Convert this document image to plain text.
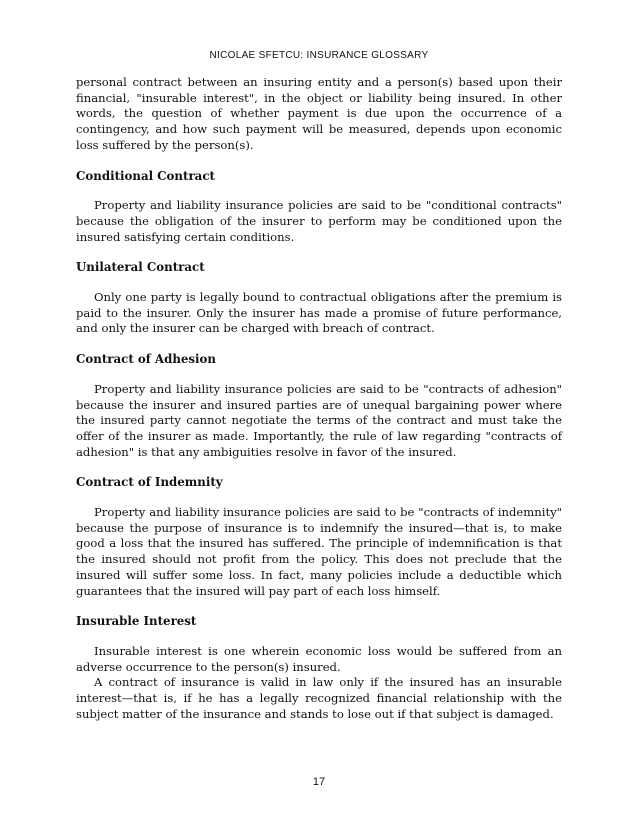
NICOLAE SFETCU: INSURANCE GLOSSARY

personal contract between an insuring entity and a person(s) based upon their financial, "insurable interest", in the object or liability being insured. In other words, the question of whether payment is due upon the occurrence of a contingency, and how such payment will be measured, depends upon economic loss suffered by the person(s).

Conditional Contract

Property and liability insurance policies are said to be "conditional contracts" because the obligation of the insurer to perform may be conditioned upon the insured satisfying certain conditions.

Unilateral Contract

Only one party is legally bound to contractual obligations after the premium is paid to the insurer. Only the insurer has made a promise of future performance, and only the insurer can be charged with breach of contract.

Contract of Adhesion

Property and liability insurance policies are said to be "contracts of adhesion" because the insurer and insured parties are of unequal bargaining power where the insured party cannot negotiate the terms of the contract and must take the offer of the insurer as made. Importantly, the rule of law regarding "contracts of adhesion" is that any ambiguities resolve in favor of the insured.

Contract of Indemnity

Property and liability insurance policies are said to be "contracts of indemnity" because the purpose of insurance is to indemnify the insured—that is, to make good a loss that the insured has suffered. The principle of indemnification is that the insured should not profit from the policy. This does not preclude that the insured will suffer some loss. In fact, many policies include a deductible which guarantees that the insured will pay part of each loss himself.

Insurable Interest

Insurable interest is one wherein economic loss would be suffered from an adverse occurrence to the person(s) insured.

A contract of insurance is valid in law only if the insured has an insurable interest—that is, if he has a legally recognized financial relationship with the subject matter of the insurance and stands to lose out if that subject is damaged.

17
